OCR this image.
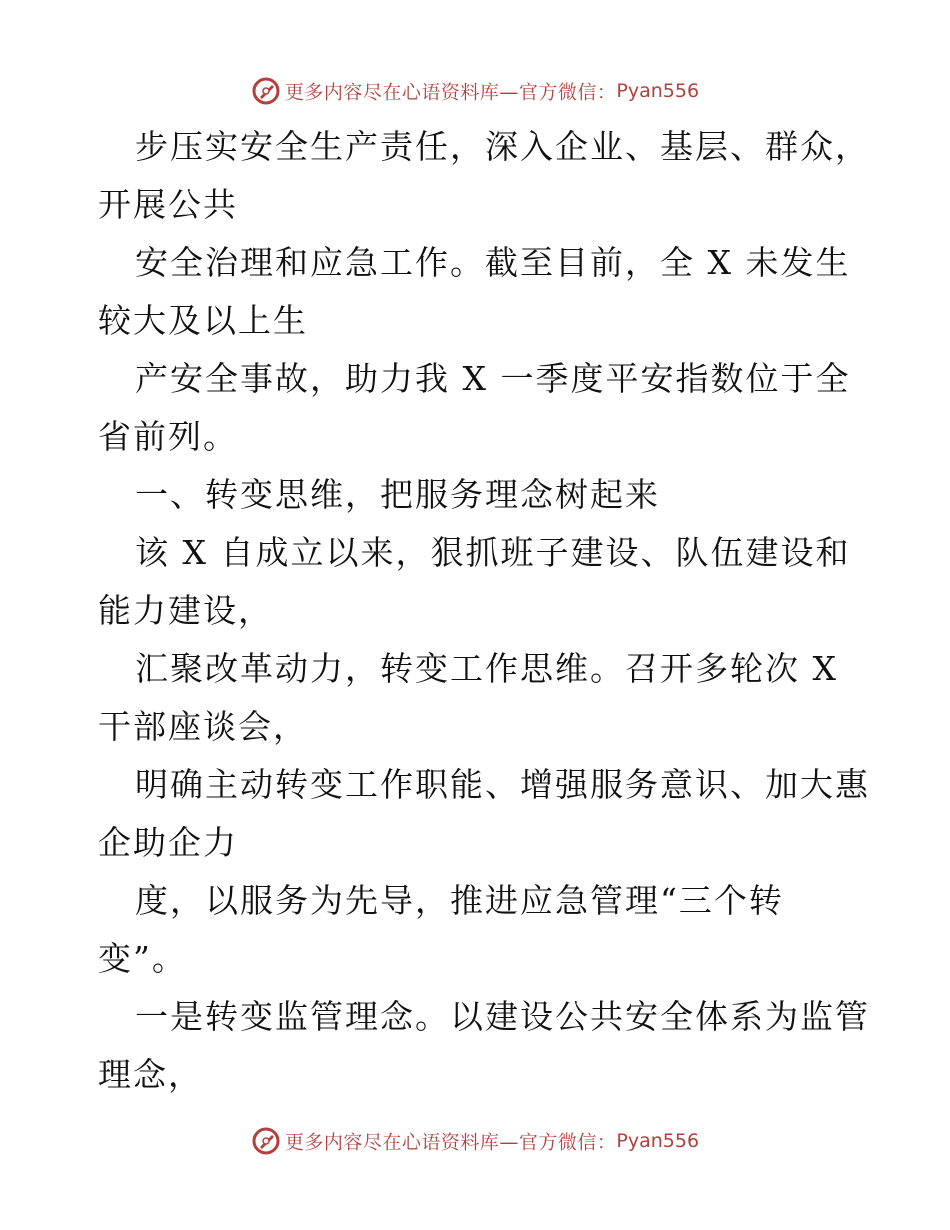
更多内容尽在心语资料库—官方微信：Pyan556
步压实安全生产责任，深入企业、基层、群众，
开展公共
安全治理和应急工作。截至目前，全 X 未发生
较大及以上生
产安全事故，助力我 X 一季度平安指数位于全
省前列。
一、转变思维，把服务理念树起来
该 X 自成立以来，狠抓班子建设、队伍建设和
能力建设，
汇聚改革动力，转变工作思维。召开多轮次 X
干部座谈会，
明确主动转变工作职能、增强服务意识、加大惠
企助企力
度，以服务为先导，推进应急管理“三个转
变”。
一是转变监管理念。以建设公共安全体系为监管
理念，
更多内容尽在心语资料库—官方微信：Pyan556
